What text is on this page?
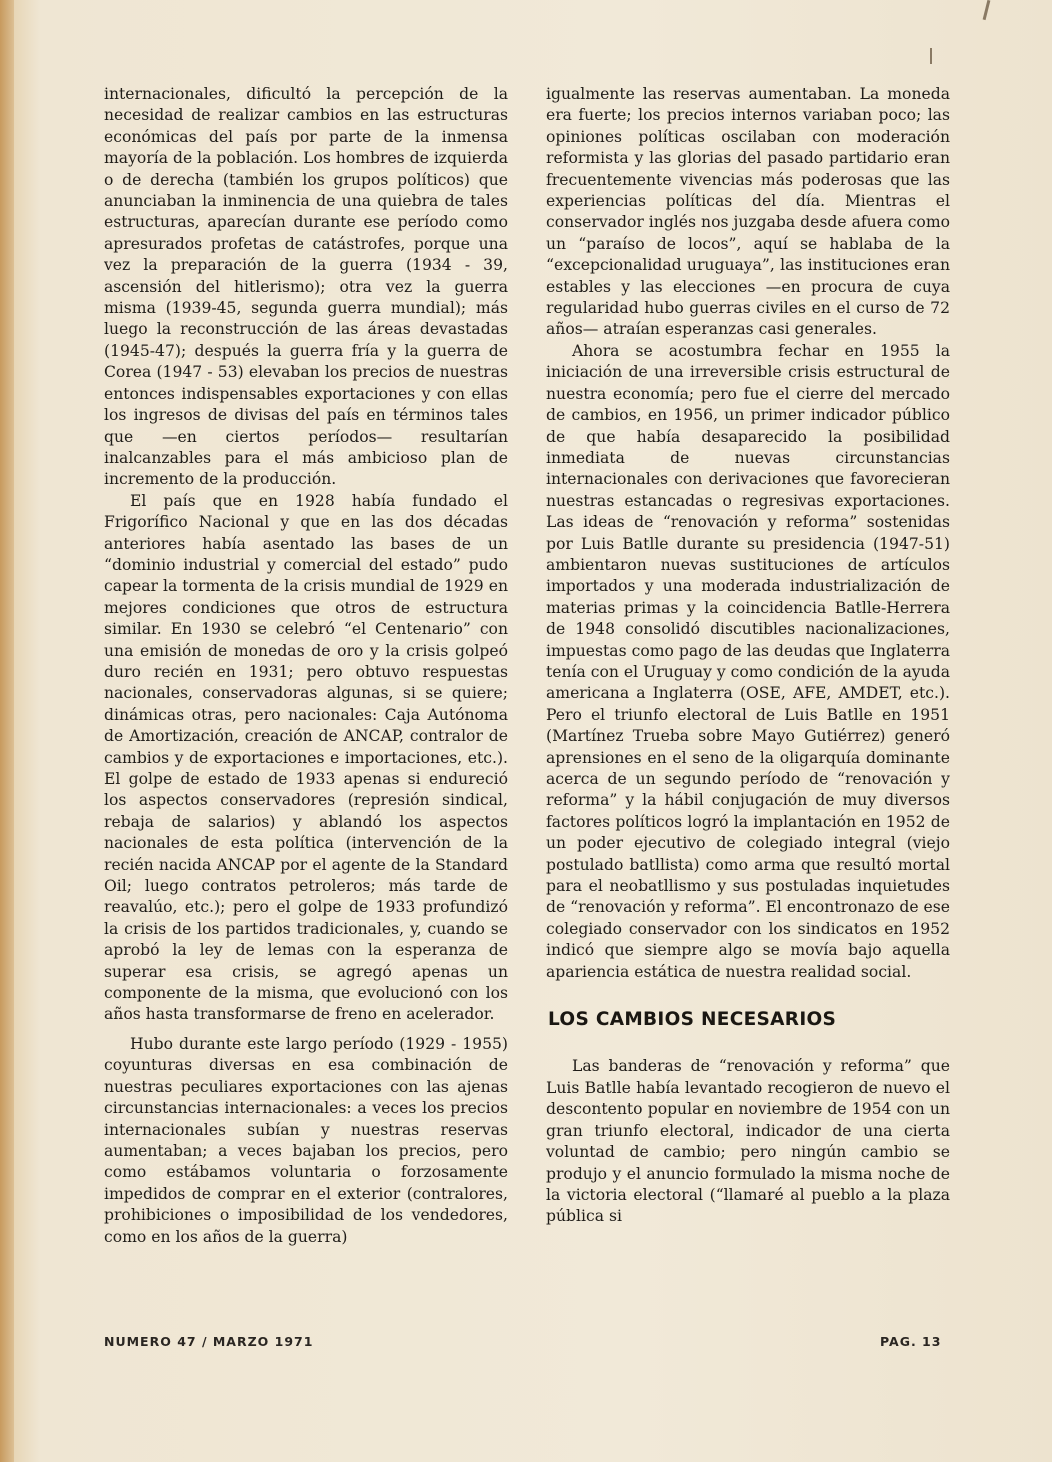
internacionales, dificultó la percepción de la necesidad de realizar cambios en las estructuras económicas del país por parte de la inmensa mayoría de la población. Los hombres de izquierda o de derecha (también los grupos políticos) que anunciaban la inminencia de una quiebra de tales estructuras, aparecían durante ese período como apresurados profetas de catástrofes, porque una vez la preparación de la guerra (1934 - 39, ascensión del hitlerismo); otra vez la guerra misma (1939-45, segunda guerra mundial); más luego la reconstrucción de las áreas devastadas (1945-47); después la guerra fría y la guerra de Corea (1947 - 53) elevaban los precios de nuestras entonces indispensables exportaciones y con ellas los ingresos de divisas del país en términos tales que —en ciertos períodos— resultarían inalcanzables para el más ambicioso plan de incremento de la producción.

El país que en 1928 había fundado el Frigorífico Nacional y que en las dos décadas anteriores había asentado las bases de un “dominio industrial y comercial del estado” pudo capear la tormenta de la crisis mundial de 1929 en mejores condiciones que otros de estructura similar. En 1930 se celebró “el Centenario” con una emisión de monedas de oro y la crisis golpeó duro recién en 1931; pero obtuvo respuestas nacionales, conservadoras algunas, si se quiere; dinámicas otras, pero nacionales: Caja Autónoma de Amortización, creación de ANCAP, contralor de cambios y de exportaciones e importaciones, etc.). El golpe de estado de 1933 apenas si endureció los aspectos conservadores (represión sindical, rebaja de salarios) y ablandó los aspectos nacionales de esta política (intervención de la recién nacida ANCAP por el agente de la Standard Oil; luego contratos petroleros; más tarde de reavalúo, etc.); pero el golpe de 1933 profundizó la crisis de los partidos tradicionales, y, cuando se aprobó la ley de lemas con la esperanza de superar esa crisis, se agregó apenas un componente de la misma, que evolucionó con los años hasta transformarse de freno en acelerador.

Hubo durante este largo período (1929 - 1955) coyunturas diversas en esa combinación de nuestras peculiares exportaciones con las ajenas circunstancias internacionales: a veces los precios internacionales subían y nuestras reservas aumentaban; a veces bajaban los precios, pero como estábamos voluntaria o forzosamente impedidos de comprar en el exterior (contralores, prohibiciones o imposibilidad de los vendedores, como en los años de la guerra)

igualmente las reservas aumentaban. La moneda era fuerte; los precios internos variaban poco; las opiniones políticas oscilaban con moderación reformista y las glorias del pasado partidario eran frecuentemente vivencias más poderosas que las experiencias políticas del día. Mientras el conservador inglés nos juzgaba desde afuera como un “paraíso de locos”, aquí se hablaba de la “excepcionalidad uruguaya”, las instituciones eran estables y las elecciones —en procura de cuya regularidad hubo guerras civiles en el curso de 72 años— atraían esperanzas casi generales.

Ahora se acostumbra fechar en 1955 la iniciación de una irreversible crisis estructural de nuestra economía; pero fue el cierre del mercado de cambios, en 1956, un primer indicador público de que había desaparecido la posibilidad inmediata de nuevas circunstancias internacionales con derivaciones que favorecieran nuestras estancadas o regresivas exportaciones. Las ideas de “renovación y reforma” sostenidas por Luis Batlle durante su presidencia (1947-51) ambientaron nuevas sustituciones de artículos importados y una moderada industrialización de materias primas y la coincidencia Batlle-Herrera de 1948 consolidó discutibles nacionalizaciones, impuestas como pago de las deudas que Inglaterra tenía con el Uruguay y como condición de la ayuda americana a Inglaterra (OSE, AFE, AMDET, etc.). Pero el triunfo electoral de Luis Batlle en 1951 (Martínez Trueba sobre Mayo Gutiérrez) generó aprensiones en el seno de la oligarquía dominante acerca de un segundo período de “renovación y reforma” y la hábil conjugación de muy diversos factores políticos logró la implantación en 1952 de un poder ejecutivo de colegiado integral (viejo postulado batllista) como arma que resultó mortal para el neobatllismo y sus postuladas inquietudes de “renovación y reforma”. El encontronazo de ese colegiado conservador con los sindicatos en 1952 indicó que siempre algo se movía bajo aquella apariencia estática de nuestra realidad social.

LOS CAMBIOS NECESARIOS

Las banderas de “renovación y reforma” que Luis Batlle había levantado recogieron de nuevo el descontento popular en noviembre de 1954 con un gran triunfo electoral, indicador de una cierta voluntad de cambio; pero ningún cambio se produjo y el anuncio formulado la misma noche de la victoria electoral (“llamaré al pueblo a la plaza pública si

NUMERO 47 / MARZO 1971	PAG. 13
